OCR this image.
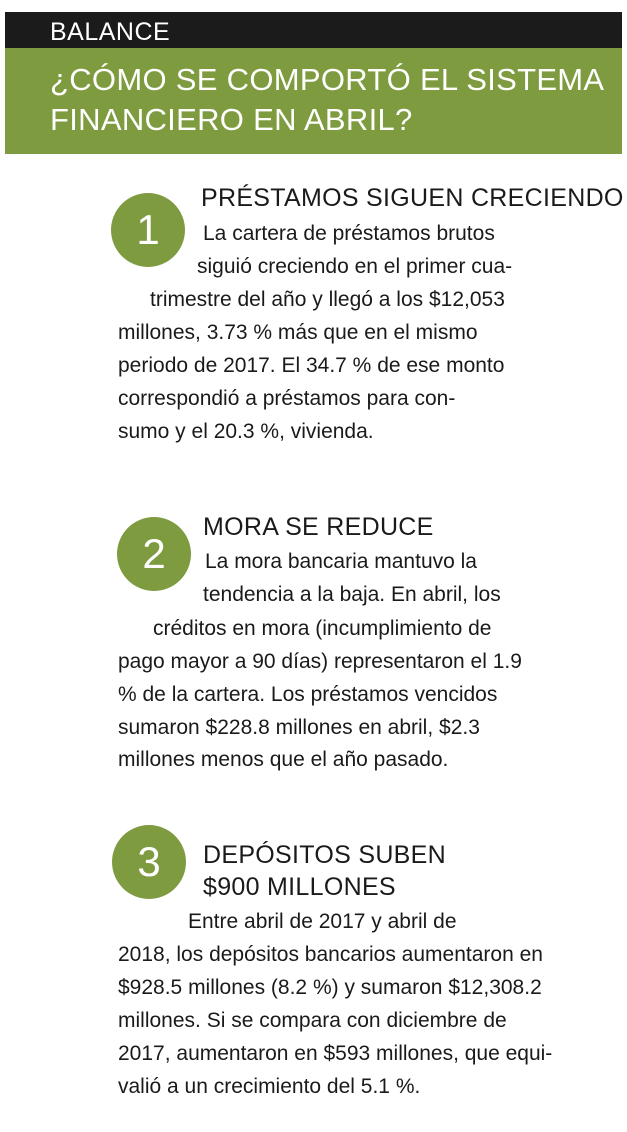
BALANCE
¿CÓMO SE COMPORTÓ EL SISTEMA
FINANCIERO EN ABRIL?
1
PRÉSTAMOS SIGUEN CRECIENDO
La cartera de préstamos brutos
siguió creciendo en el primer cua-
trimestre del año y llegó a los $12,053
millones, 3.73 % más que en el mismo
periodo de 2017. El 34.7 % de ese monto
correspondió a préstamos para con-
sumo y el 20.3 %, vivienda.
2
MORA SE REDUCE
La mora bancaria mantuvo la
tendencia a la baja. En abril, los
créditos en mora (incumplimiento de
pago mayor a 90 días) representaron el 1.9
% de la cartera. Los préstamos vencidos
sumaron $228.8 millones en abril, $2.3
millones menos que el año pasado.
3	DEPÓSITOS SUBEN
$900 MILLONES
Entre abril de 2017 y abril de
2018, los depósitos bancarios aumentaron en
$928.5 millones (8.2 %) y sumaron $12,308.2
millones. Si se compara con diciembre de
2017, aumentaron en $593 millones, que equi-
valió a un crecimiento del 5.1 %.
